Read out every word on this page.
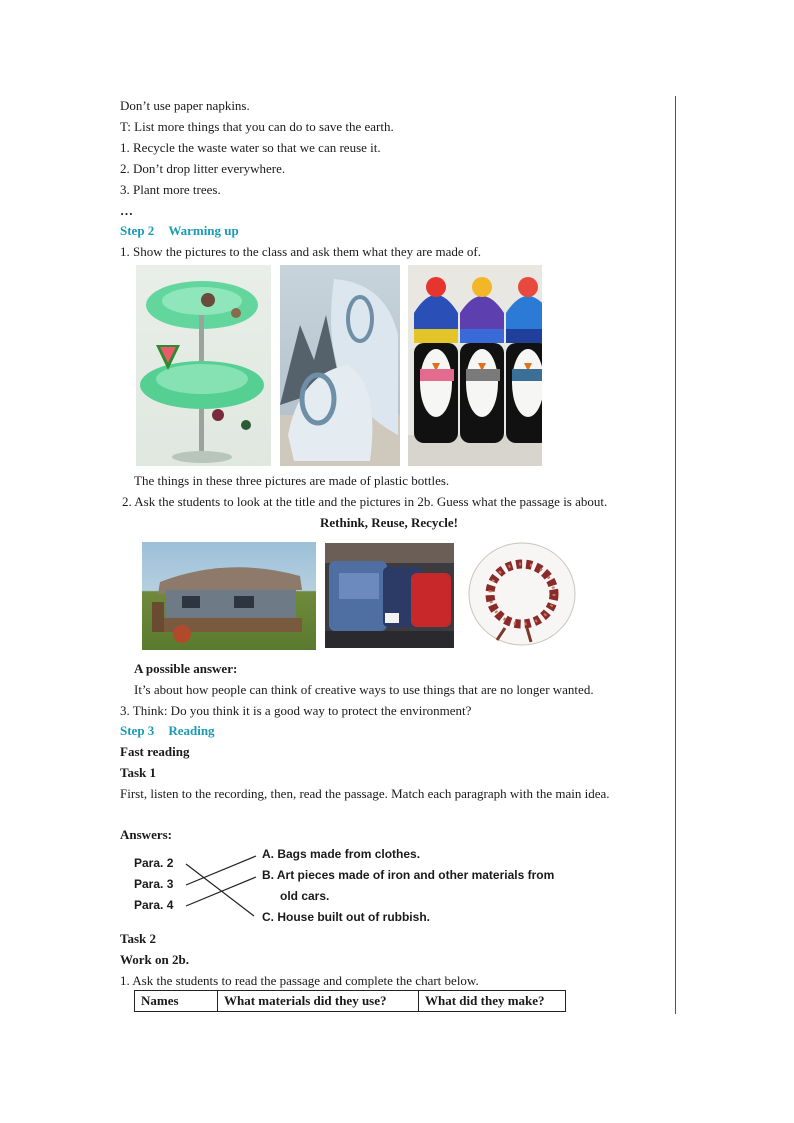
Don’t use paper napkins.
T: List more things that you can do to save the earth.
1. Recycle the waste water so that we can reuse it.
2. Don’t drop litter everywhere.
3. Plant more trees.
…
Step 2 Warming up
1. Show the pictures to the class and ask them what they are made of.
The things in these three pictures are made of plastic bottles.
2. Ask the students to look at the title and the pictures in 2b. Guess what the passage is about.
Rethink, Reuse, Recycle!
A possible answer:
It’s about how people can think of creative ways to use things that are no longer wanted.
3. Think: Do you think it is a good way to protect the environment?
Step 3 Reading
Fast reading
Task 1
First, listen to the recording, then, read the passage. Match each paragraph with the main idea.
Answers:
Para. 2
Para. 3
Para. 4
A. Bags made from clothes.
B. Art pieces made of iron and other materials from
old cars.
C. House built out of rubbish.
Task 2
Work on 2b.
1. Ask the students to read the passage and complete the chart below.
Names	What materials did they use?	What did they make?
